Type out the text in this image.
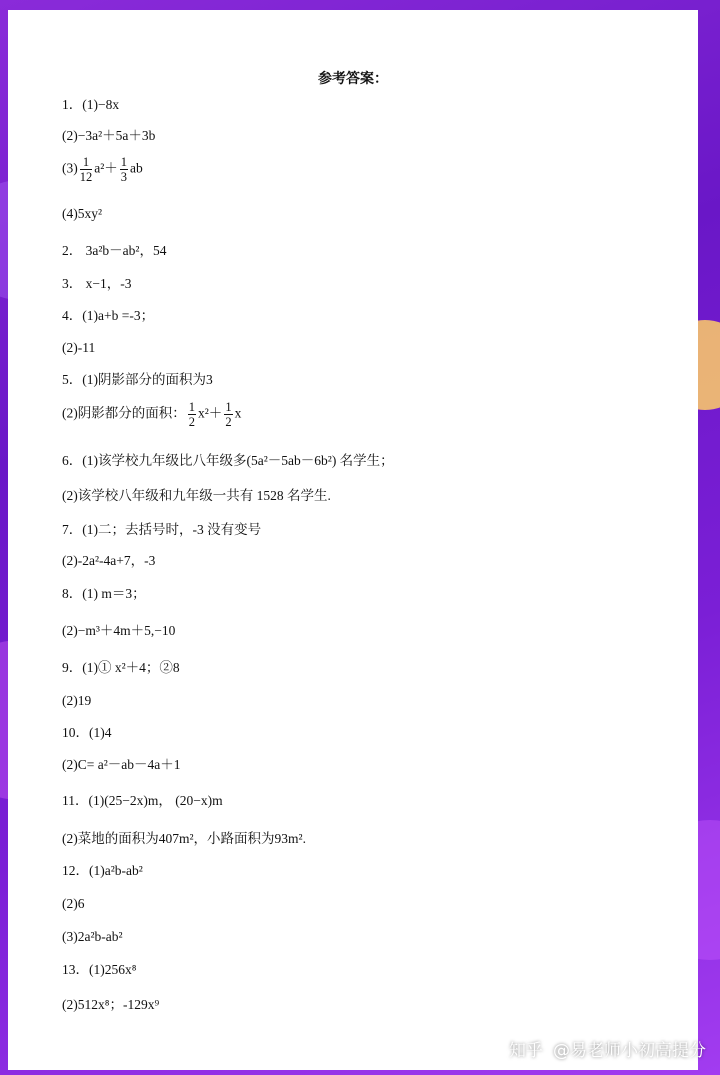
参考答案：
1．(1)−8x
(2)−3a²＋5a＋3b
$(3) \frac{1}{12} a^2+ \frac{1}{3}$ ab
(4)5xy²
2． 3a²b－ab²，54
3． x−1，-3
4．(1)a+b =-3；
(2)-11
5．(1)阴影部分的面积为3
(2)阴影都分的面积： $\frac{1}{2} x^2+ \frac{1}{2}$ x
6．(1)该学校九年级比八年级多(5a²－5ab－6b²) 名学生；
(2)该学校八年级和九年级一共有 1528 名学生.
7．(1)二；去括号时，-3 没有变号
(2)-2a²-4a+7，-3
8．(1) m＝3；
(2)−m³＋4m＋5,−10
9．(1)① x²＋4；②8
(2)19
10．(1)4
(2)C= a²－ab－4a＋1
11．(1)(25−2x)m， (20−x)m
(2)菜地的面积为407m²，小路面积为93m².
12．(1)a²b-ab²
(2)6
(3)2a²b-ab²
13．(1)256x⁸
(2)512x⁸；-129x⁹
知乎 @易老师小初高提分
